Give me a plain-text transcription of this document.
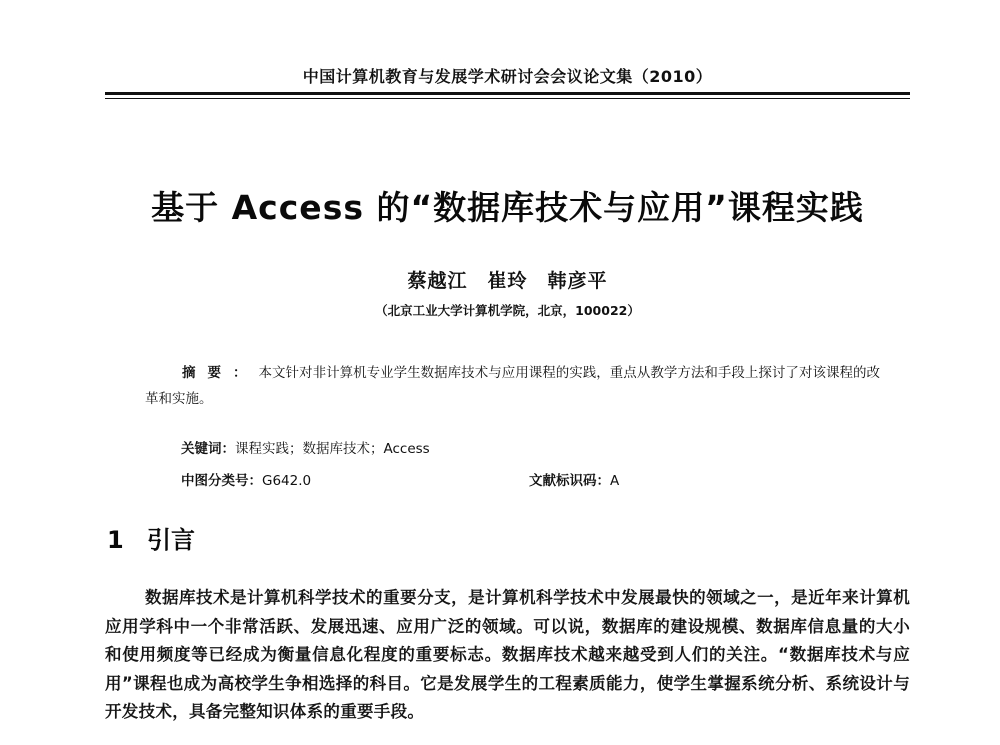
中国计算机教育与发展学术研讨会会议论文集（2010）
基于 Access 的“数据库技术与应用”课程实践
蔡越江　崔玲　韩彦平
（北京工业大学计算机学院，北京，100022）
摘要：本文针对非计算机专业学生数据库技术与应用课程的实践，重点从教学方法和手段上探讨了对该课程的改革和实施。
关键词：课程实践；数据库技术；Access
中图分类号：G642.0	文献标识码：A
1 引言
数据库技术是计算机科学技术的重要分支，是计算机科学技术中发展最快的领域之一，是近年来计算机应用学科中一个非常活跃、发展迅速、应用广泛的领域。可以说，数据库的建设规模、数据库信息量的大小和使用频度等已经成为衡量信息化程度的重要标志。数据库技术越来越受到人们的关注。“数据库技术与应用”课程也成为高校学生争相选择的科目。它是发展学生的工程素质能力，使学生掌握系统分析、系统设计与开发技术，具备完整知识体系的重要手段。
